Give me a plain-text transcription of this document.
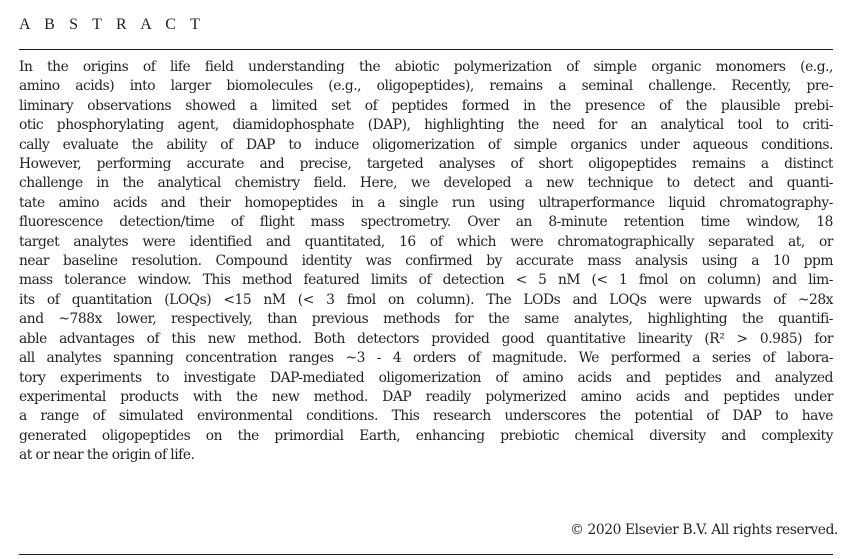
A B S T R A C T
In the origins of life field understanding the abiotic polymerization of simple organic monomers (e.g.,
amino acids) into larger biomolecules (e.g., oligopeptides), remains a seminal challenge. Recently, pre-
liminary observations showed a limited set of peptides formed in the presence of the plausible prebi-
otic phosphorylating agent, diamidophosphate (DAP), highlighting the need for an analytical tool to criti-
cally evaluate the ability of DAP to induce oligomerization of simple organics under aqueous conditions.
However, performing accurate and precise, targeted analyses of short oligopeptides remains a distinct
challenge in the analytical chemistry field. Here, we developed a new technique to detect and quanti-
tate amino acids and their homopeptides in a single run using ultraperformance liquid chromatography-
fluorescence detection/time of flight mass spectrometry. Over an 8-minute retention time window, 18
target analytes were identified and quantitated, 16 of which were chromatographically separated at, or
near baseline resolution. Compound identity was confirmed by accurate mass analysis using a 10 ppm
mass tolerance window. This method featured limits of detection < 5 nM (< 1 fmol on column) and lim-
its of quantitation (LOQs) <15 nM (< 3 fmol on column). The LODs and LOQs were upwards of ~28x
and ~788x lower, respectively, than previous methods for the same analytes, highlighting the quantifi-
able advantages of this new method. Both detectors provided good quantitative linearity (R² > 0.985) for
all analytes spanning concentration ranges ~3 - 4 orders of magnitude. We performed a series of labora-
tory experiments to investigate DAP-mediated oligomerization of amino acids and peptides and analyzed
experimental products with the new method. DAP readily polymerized amino acids and peptides under
a range of simulated environmental conditions. This research underscores the potential of DAP to have
generated oligopeptides on the primordial Earth, enhancing prebiotic chemical diversity and complexity
at or near the origin of life.
© 2020 Elsevier B.V. All rights reserved.
